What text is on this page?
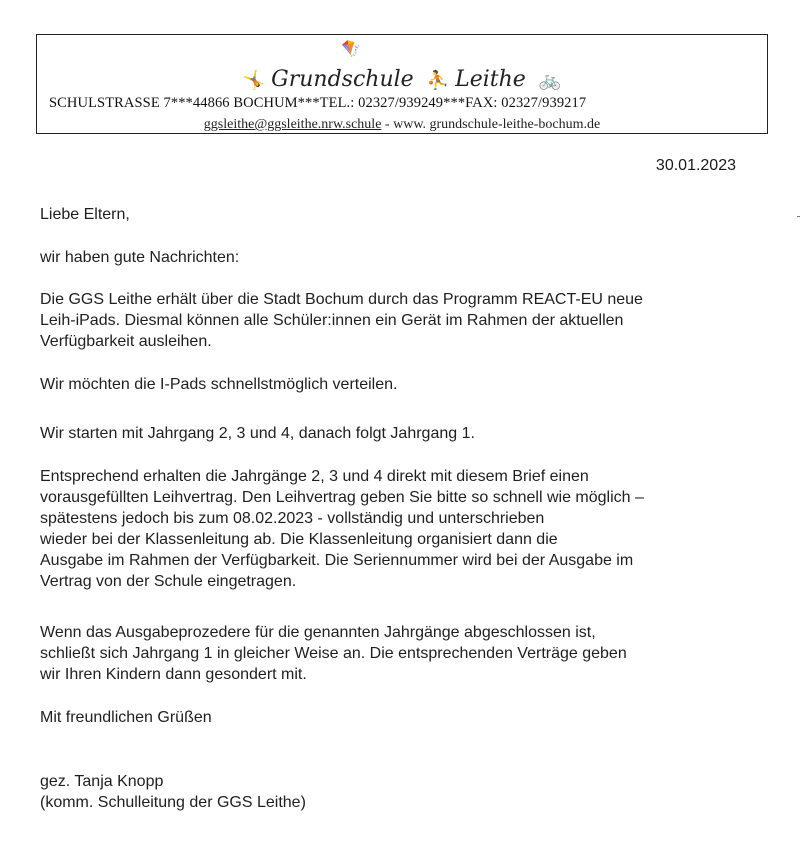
🪁
🤸 Grundschule ⛹ Leithe 🚲
SCHULSTRASSE 7***44866 BOCHUM***TEL.: 02327/939249***FAX: 02327/939217
ggsleithe@ggsleithe.nrw.schule - www. grundschule-leithe-bochum.de
30.01.2023
Liebe Eltern,
wir haben gute Nachrichten:
Die GGS Leithe erhält über die Stadt Bochum durch das Programm REACT-EU neue
Leih-iPads. Diesmal können alle Schüler:innen ein Gerät im Rahmen der aktuellen
Verfügbarkeit ausleihen.
Wir möchten die I-Pads schnellstmöglich verteilen.
Wir starten mit Jahrgang 2, 3 und 4, danach folgt Jahrgang 1.
Entsprechend erhalten die Jahrgänge 2, 3 und 4 direkt mit diesem Brief einen
vorausgefüllten Leihvertrag. Den Leihvertrag geben Sie bitte so schnell wie möglich –
spätestens jedoch bis zum 08.02.2023 - vollständig und unterschrieben
wieder bei der Klassenleitung ab. Die Klassenleitung organisiert dann die
Ausgabe im Rahmen der Verfügbarkeit. Die Seriennummer wird bei der Ausgabe im
Vertrag von der Schule eingetragen.
Wenn das Ausgabeprozedere für die genannten Jahrgänge abgeschlossen ist,
schließt sich Jahrgang 1 in gleicher Weise an. Die entsprechenden Verträge geben
wir Ihren Kindern dann gesondert mit.
Mit freundlichen Grüßen
gez. Tanja Knopp
(komm. Schulleitung der GGS Leithe)
